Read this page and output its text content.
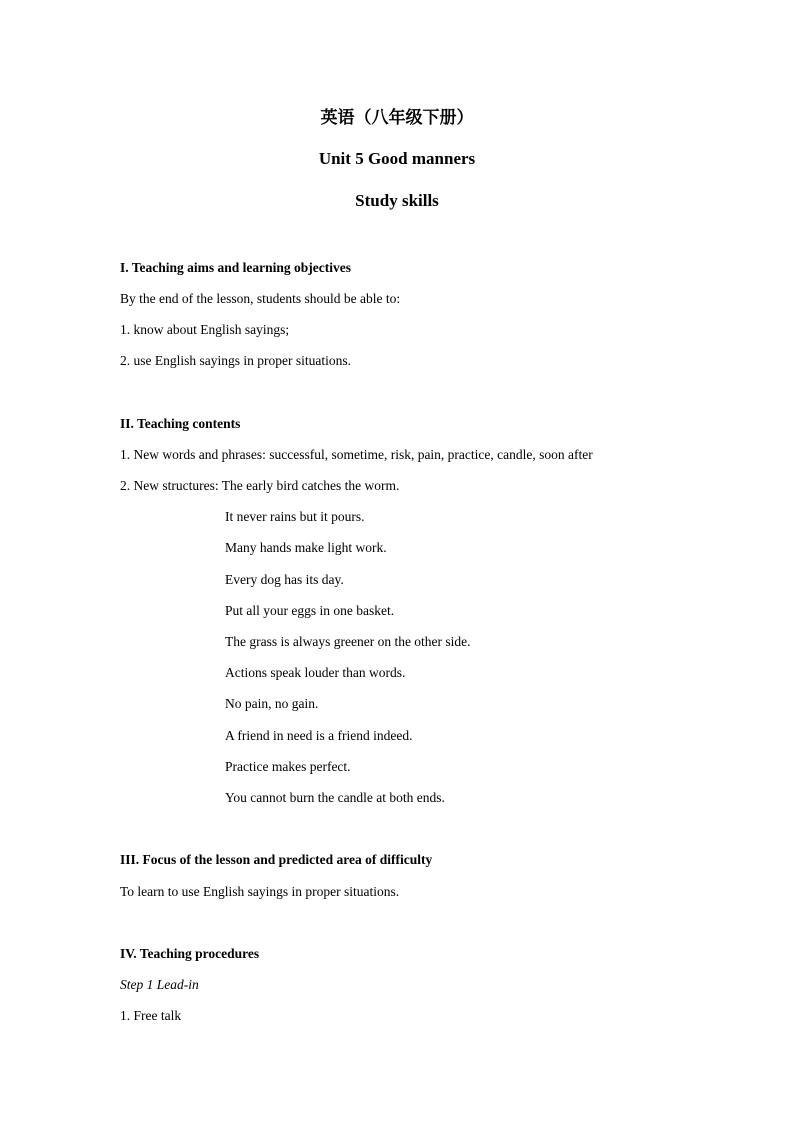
英语（八年级下册）
Unit 5 Good manners
Study skills
I. Teaching aims and learning objectives
By the end of the lesson, students should be able to:
1. know about English sayings;
2. use English sayings in proper situations.
II. Teaching contents
1. New words and phrases: successful, sometime, risk, pain, practice, candle, soon after
2. New structures: The early bird catches the worm.
It never rains but it pours.
Many hands make light work.
Every dog has its day.
Put all your eggs in one basket.
The grass is always greener on the other side.
Actions speak louder than words.
No pain, no gain.
A friend in need is a friend indeed.
Practice makes perfect.
You cannot burn the candle at both ends.
III. Focus of the lesson and predicted area of difficulty
To learn to use English sayings in proper situations.
IV. Teaching procedures
Step 1 Lead-in
1. Free talk
